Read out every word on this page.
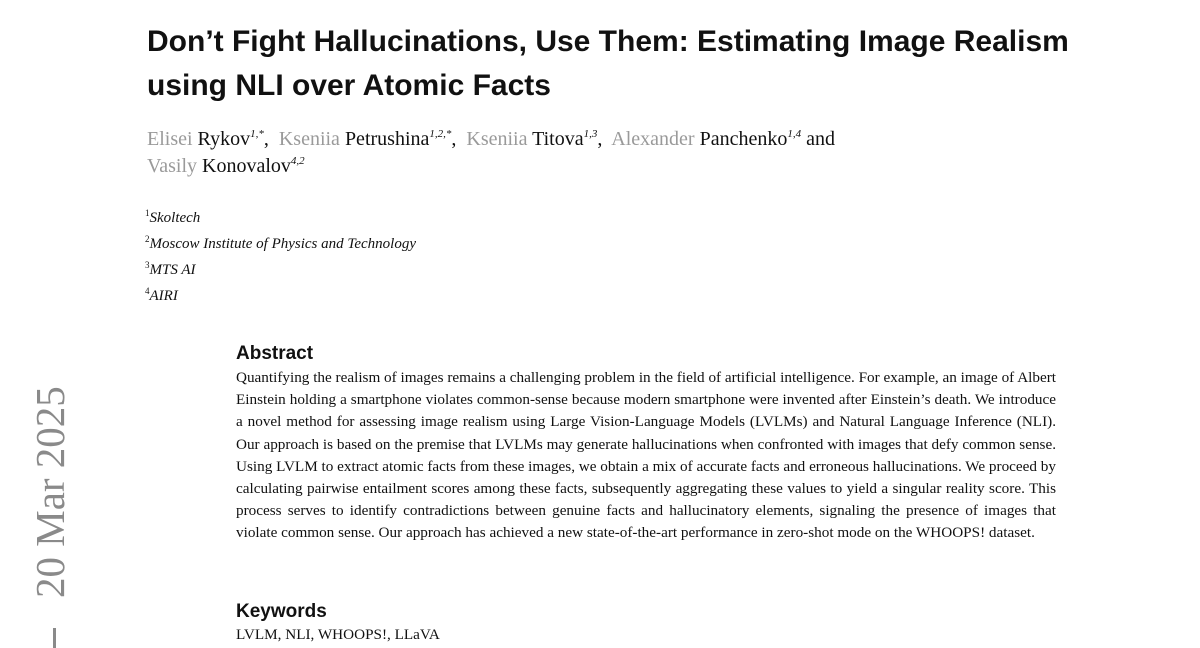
Don’t Fight Hallucinations, Use Them: Estimating Image Realism using NLI over Atomic Facts
Elisei Rykov$^{1,*}$,  Kseniia Petrushina$^{1,2,*}$,  Kseniia Titova$^{1,3}$,  Alexander Panchenko$^{1,4}$ and
Vasily Konovalov$^{4,2}$
$^1$Skoltech
$^2$Moscow Institute of Physics and Technology
$^3$MTS AI
$^4$AIRI
Abstract

Quantifying the realism of images remains a challenging problem in the field of artificial intelligence. For example, an image of Albert Einstein holding a smartphone violates common-sense because modern smartphone were invented after Einstein’s death. We introduce a novel method for assessing image realism using Large Vision-Language Models (LVLMs) and Natural Language Inference (NLI). Our approach is based on the premise that LVLMs may generate hallucinations when confronted with images that defy common sense. Using LVLM to extract atomic facts from these images, we obtain a mix of accurate facts and erroneous hallucinations. We proceed by calculating pairwise entailment scores among these facts, subsequently aggregating these values to yield a singular reality score. This process serves to identify contradictions between genuine facts and hallucinatory elements, signaling the presence of images that violate common sense. Our approach has achieved a new state-of-the-art performance in zero-shot mode on the WHOOPS! dataset.

Keywords

LVLM, NLI, WHOOPS!, LLaVA

20 Mar 2025
